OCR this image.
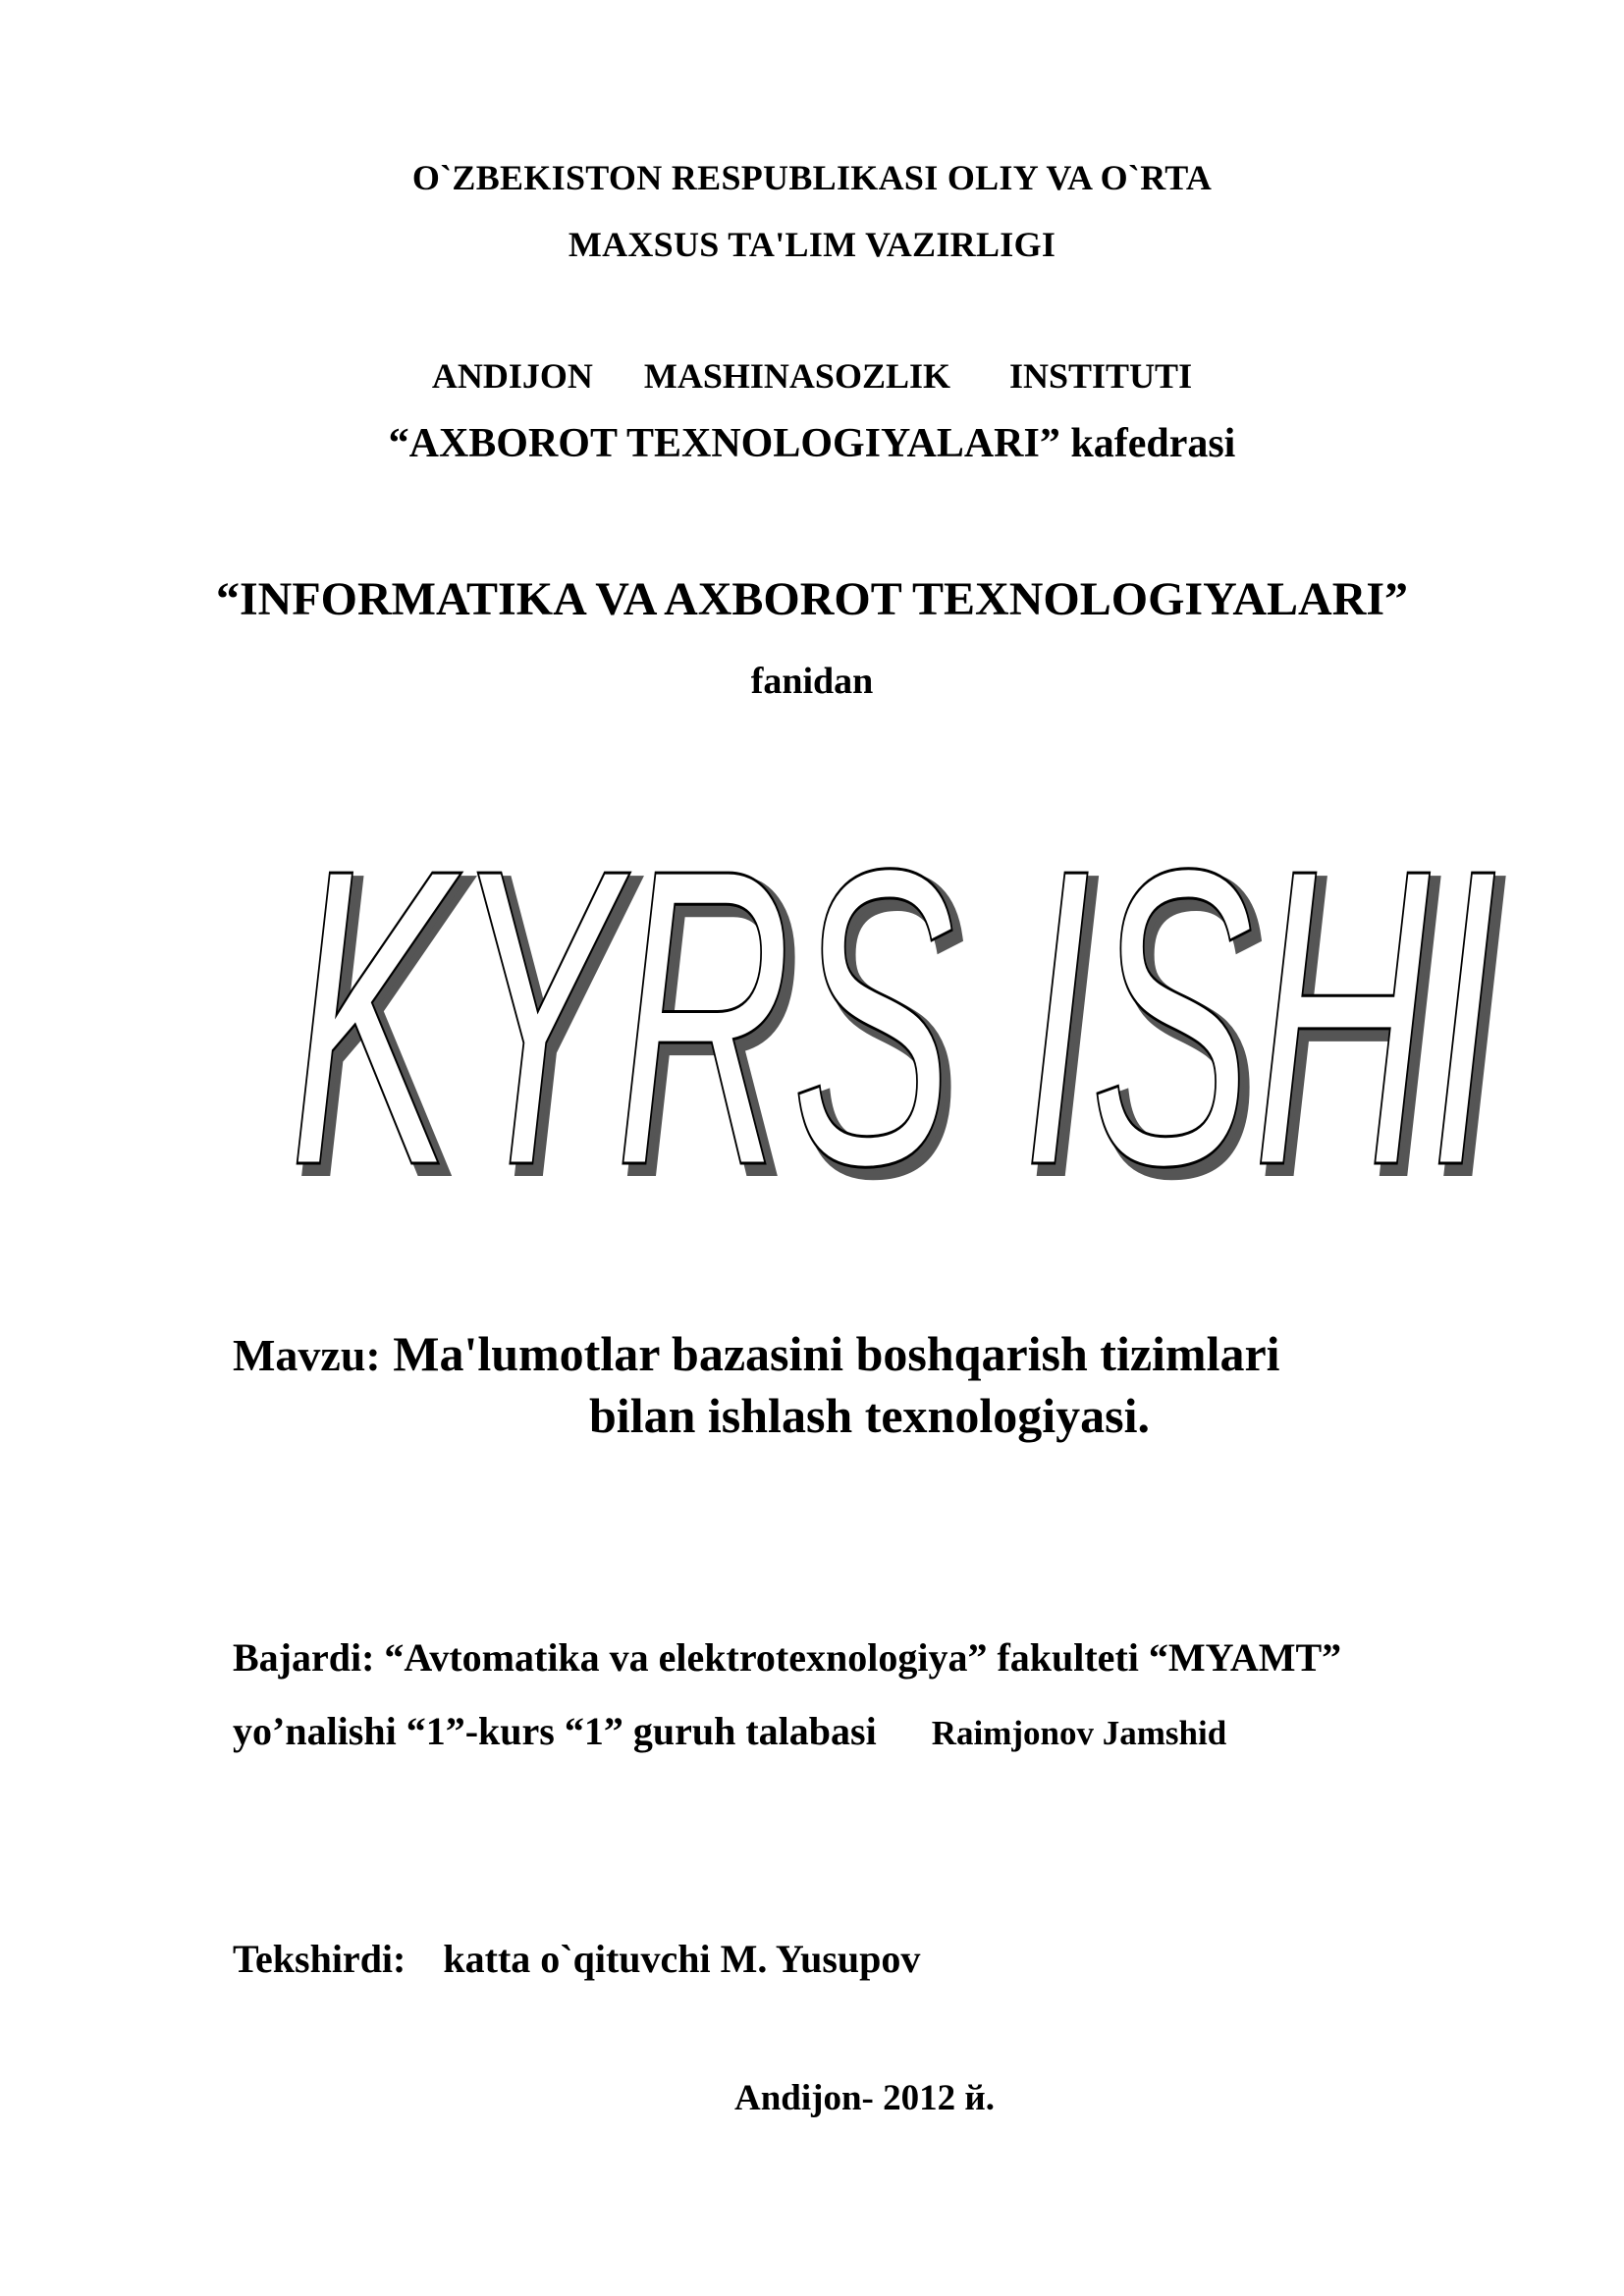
O`ZBEKISTON RESPUBLIKASI OLIY VA O`RTA
MAXSUS TA'LIM VAZIRLIGI
ANDIJON MASHINASOZLIK INSTITUTI
“AXBOROT TEXNOLOGIYALARI” kafedrasi
“INFORMATIKA VA AXBOROT TEXNOLOGIYALARI”
fanidan
KYRS ISHI
KYRS ISHI
Mavzu: Ma'lumotlar bazasini boshqarish tizimlari
bilan ishlash texnologiyasi.
Bajardi: “Avtomatika va elektrotexnologiya” fakulteti “MYAMT”
yo’nalishi “1”-kurs “1” guruh talabasi Raimjonov Jamshid
Tekshirdi: katta o`qituvchi M. Yusupov
Andijon- 2012 й.
